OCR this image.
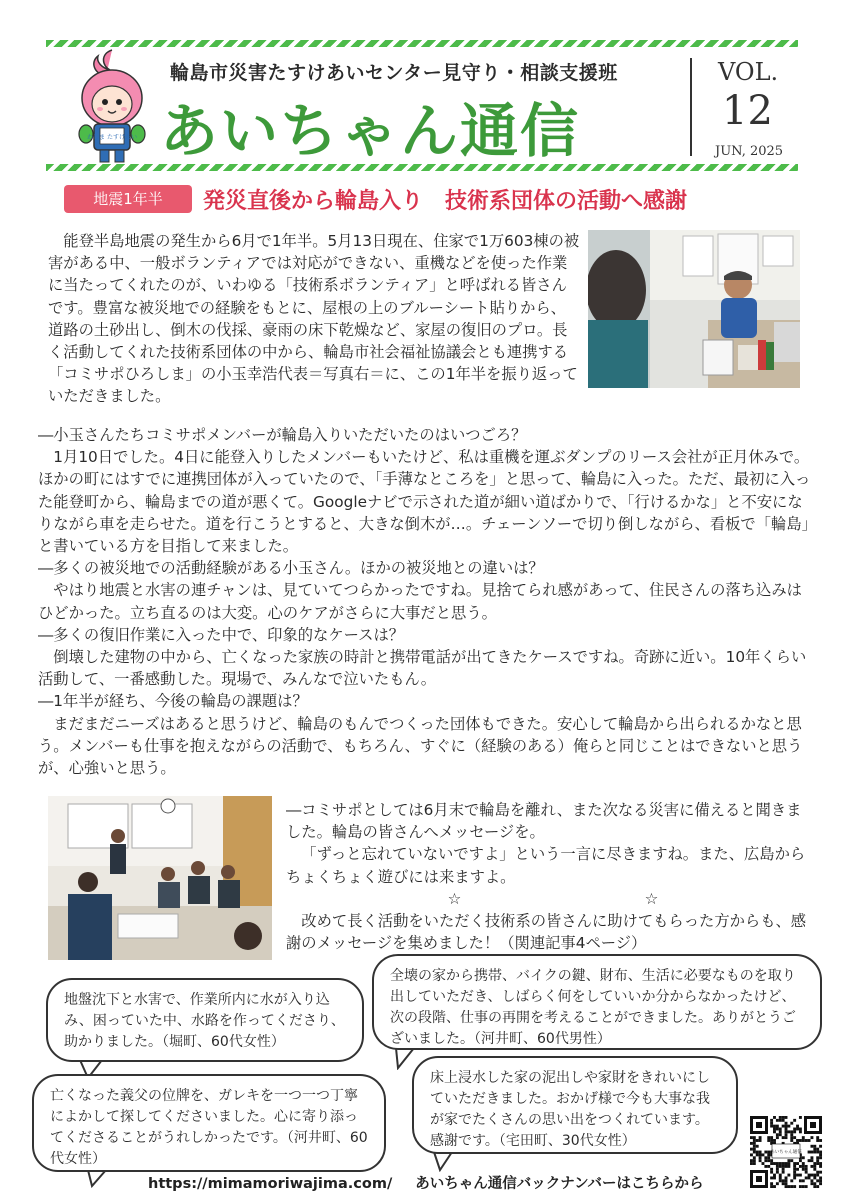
わじま たすけあい
輪島市災害たすけあいセンター見守り・相談支援班
あいちゃん通信
VOL.
12
JUN, 2025
地震1年半	発災直後から輪島入り　技術系団体の活動へ感謝

能登半島地震の発生から6月で1年半。5月13日現在、住家で1万603棟の被害がある中、一般ボランティアでは対応ができない、重機などを使った作業に当たってくれたのが、いわゆる「技術系ボランティア」と呼ばれる皆さんです。豊富な被災地での経験をもとに、屋根の上のブルーシート貼りから、道路の土砂出し、倒木の伐採、豪雨の床下乾燥など、家屋の復旧のプロ。長く活動してくれた技術系団体の中から、輪島市社会福祉協議会とも連携する「コミサポひろしま」の小玉幸浩代表＝写真右＝に、この1年半を振り返っていただきました。

―小玉さんたちコミサポメンバーが輪島入りいただいたのはいつごろ？

1月10日でした。4日に能登入りしたメンバーもいたけど、私は重機を運ぶダンプのリース会社が正月休みで。ほかの町にはすでに連携団体が入っていたので、「手薄なところを」と思って、輪島に入った。ただ、最初に入った能登町から、輪島までの道が悪くて。Googleナビで示された道が細い道ばかりで、「行けるかな」と不安になりながら車を走らせた。道を行こうとすると、大きな倒木が…。チェーンソーで切り倒しながら、看板で「輪島」と書いている方を目指して来ました。

―多くの被災地での活動経験がある小玉さん。ほかの被災地との違いは？

やはり地震と水害の連チャンは、見ていてつらかったですね。見捨てられ感があって、住民さんの落ち込みはひどかった。立ち直るのは大変。心のケアがさらに大事だと思う。

―多くの復旧作業に入った中で、印象的なケースは？

倒壊した建物の中から、亡くなった家族の時計と携帯電話が出てきたケースですね。奇跡に近い。10年くらい活動して、一番感動した。現場で、みんなで泣いたもん。

―1年半が経ち、今後の輪島の課題は？

まだまだニーズはあると思うけど、輪島のもんでつくった団体もできた。安心して輪島から出られるかなと思う。メンバーも仕事を抱えながらの活動で、もちろん、すぐに（経験のある）俺らと同じことはできないと思うが、心強いと思う。

―コミサポとしては6月末で輪島を離れ、また次なる災害に備えると聞きました。輪島の皆さんへメッセージを。

「ずっと忘れていないですよ」という一言に尽きますね。また、広島からちょくちょく遊びには来ますよ。

☆	☆

改めて長く活動をいただく技術系の皆さんに助けてもらった方からも、感謝のメッセージを集めました！（関連記事4ページ）

地盤沈下と水害で、作業所内に水が入り込み、困っていた中、水路を作ってくださり、助かりました。（堀町、60代女性）
全壊の家から携帯、バイクの鍵、財布、生活に必要なものを取り出していただき、しばらく何をしていいか分からなかったけど、次の段階、仕事の再開を考えることができました。ありがとうございました。（河井町、60代男性）
亡くなった義父の位牌を、ガレキを一つ一つ丁寧によかして探してくださいました。心に寄り添ってくださることがうれしかったです。（河井町、60代女性）
床上浸水した家の泥出しや家財をきれいにしていただきました。おかげ様で今も大事な我が家でたくさんの思い出をつくれています。感謝です。（宅田町、30代女性）
あいちゃん通信
https://mimamoriwajima.com/ あいちゃん通信バックナンバーはこちらから
